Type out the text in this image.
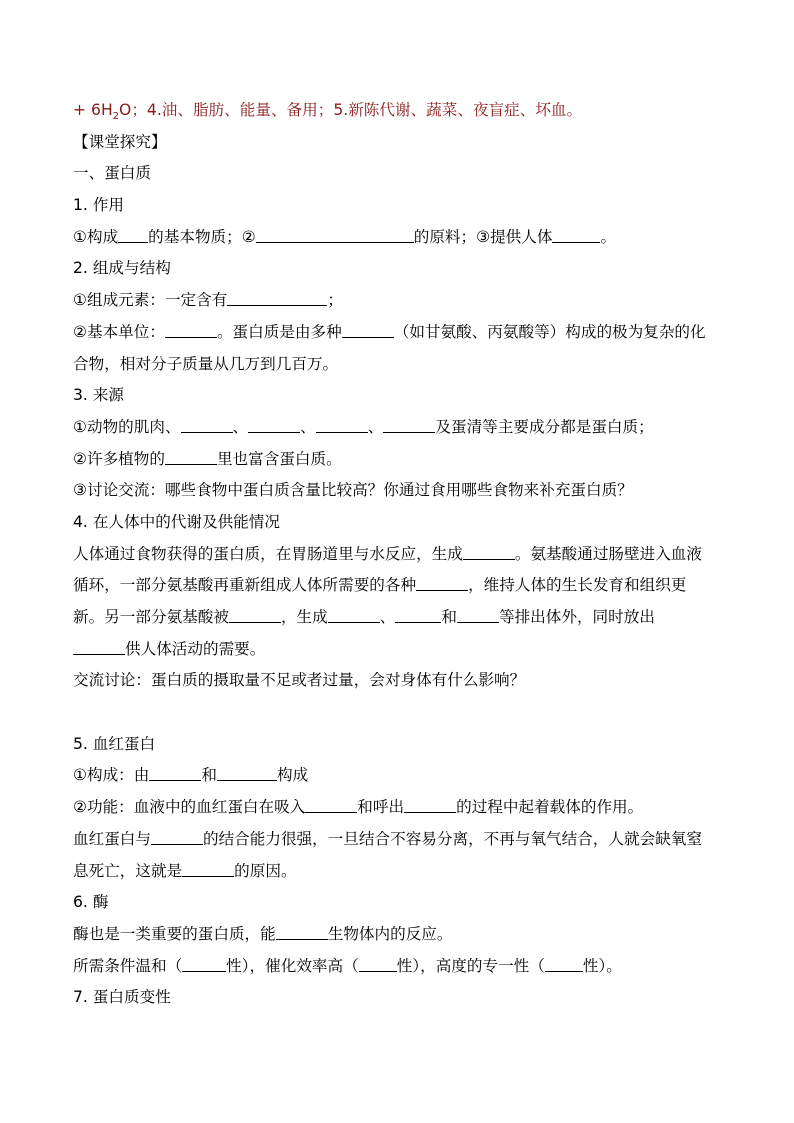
+ $6H_2O$；4.油、脂肪、能量、备用；5.新陈代谢、蔬菜、夜盲症、坏血。
【课堂探究】
一、蛋白质
1. 作用
①构成 的基本物质；②	的原料；③提供人体	。
2. 组成与结构
①组成元素：一定含有	；
②基本单位：	。蛋白质是由多种	（如甘氨酸、丙氨酸等）构成的极为复杂的化
合物，相对分子质量从几万到几百万。
3. 来源
①动物的肌肉、	、	、	、	及蛋清等主要成分都是蛋白质；
②许多植物的	里也富含蛋白质。
③讨论交流：哪些食物中蛋白质含量比较高？你通过食用哪些食物来补充蛋白质？
4. 在人体中的代谢及供能情况
人体通过食物获得的蛋白质，在胃肠道里与水反应，生成	。氨基酸通过肠壁进入血液
循环，一部分氨基酸再重新组成人体所需要的各种	，维持人体的生长发育和组织更
新。另一部分氨基酸被	，生成	、	和	等排出体外，同时放出
供人体活动的需要。
交流讨论：蛋白质的摄取量不足或者过量，会对身体有什么影响？
5. 血红蛋白
①构成：由	和	构成
②功能：血液中的血红蛋白在吸入	和呼出	的过程中起着载体的作用。
血红蛋白与	的结合能力很强，一旦结合不容易分离，不再与氧气结合，人就会缺氧窒
息死亡，这就是	的原因。
6. 酶
酶也是一类重要的蛋白质，能	生物体内的反应。
所需条件温和（	性），催化效率高（ 性），高度的专一性（ 性）。
7. 蛋白质变性
